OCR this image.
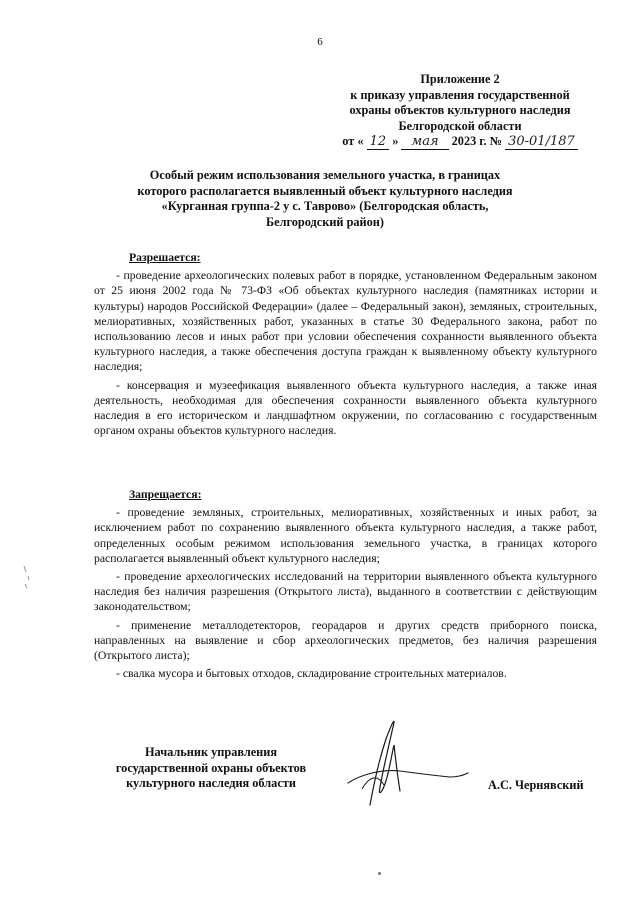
6
Приложение 2
к приказу управления государственной
охраны объектов культурного наследия
Белгородской области
от « 12 » мая 2023 г. № 30-01/187
Особый режим использования земельного участка, в границах
которого располагается выявленный объект культурного наследия
«Курганная группа-2 у с. Таврово» (Белгородская область,
Белгородский район)
Разрешается:

- проведение археологических полевых работ в порядке, установленном Федеральным законом от 25 июня 2002 года № 73-ФЗ «Об объектах культурного наследия (памятниках истории и культуры) народов Российской Федерации» (далее – Федеральный закон), земляных, строительных, мелиоративных, хозяйственных работ, указанных в статье 30 Федерального закона, работ по использованию лесов и иных работ при условии обеспечения сохранности выявленного объекта культурного наследия, а также обеспечения доступа граждан к выявленному объекту культурного наследия;

- консервация и музеефикация выявленного объекта культурного наследия, а также иная деятельность, необходимая для обеспечения сохранности выявленного объекта культурного наследия в его историческом и ландшафтном окружении, по согласованию с государственным органом охраны объектов культурного наследия.

Запрещается:

- проведение земляных, строительных, мелиоративных, хозяйственных и иных работ, за исключением работ по сохранению выявленного объекта культурного наследия, а также работ, определенных особым режимом использования земельного участка, в границах которого располагается выявленный объект культурного наследия;

- проведение археологических исследований на территории выявленного объекта культурного наследия без наличия разрешения (Открытого листа), выданного в соответствии с действующим законодательством;

- применение металлодетекторов, георадаров и других средств приборного поиска, направленных на выявление и сбор археологических предметов, без наличия разрешения (Открытого листа);

- свалка мусора и бытовых отходов, складирование строительных материалов.

Начальник управления
государственной охраны объектов
культурного наследия области	А.С. Чернявский
